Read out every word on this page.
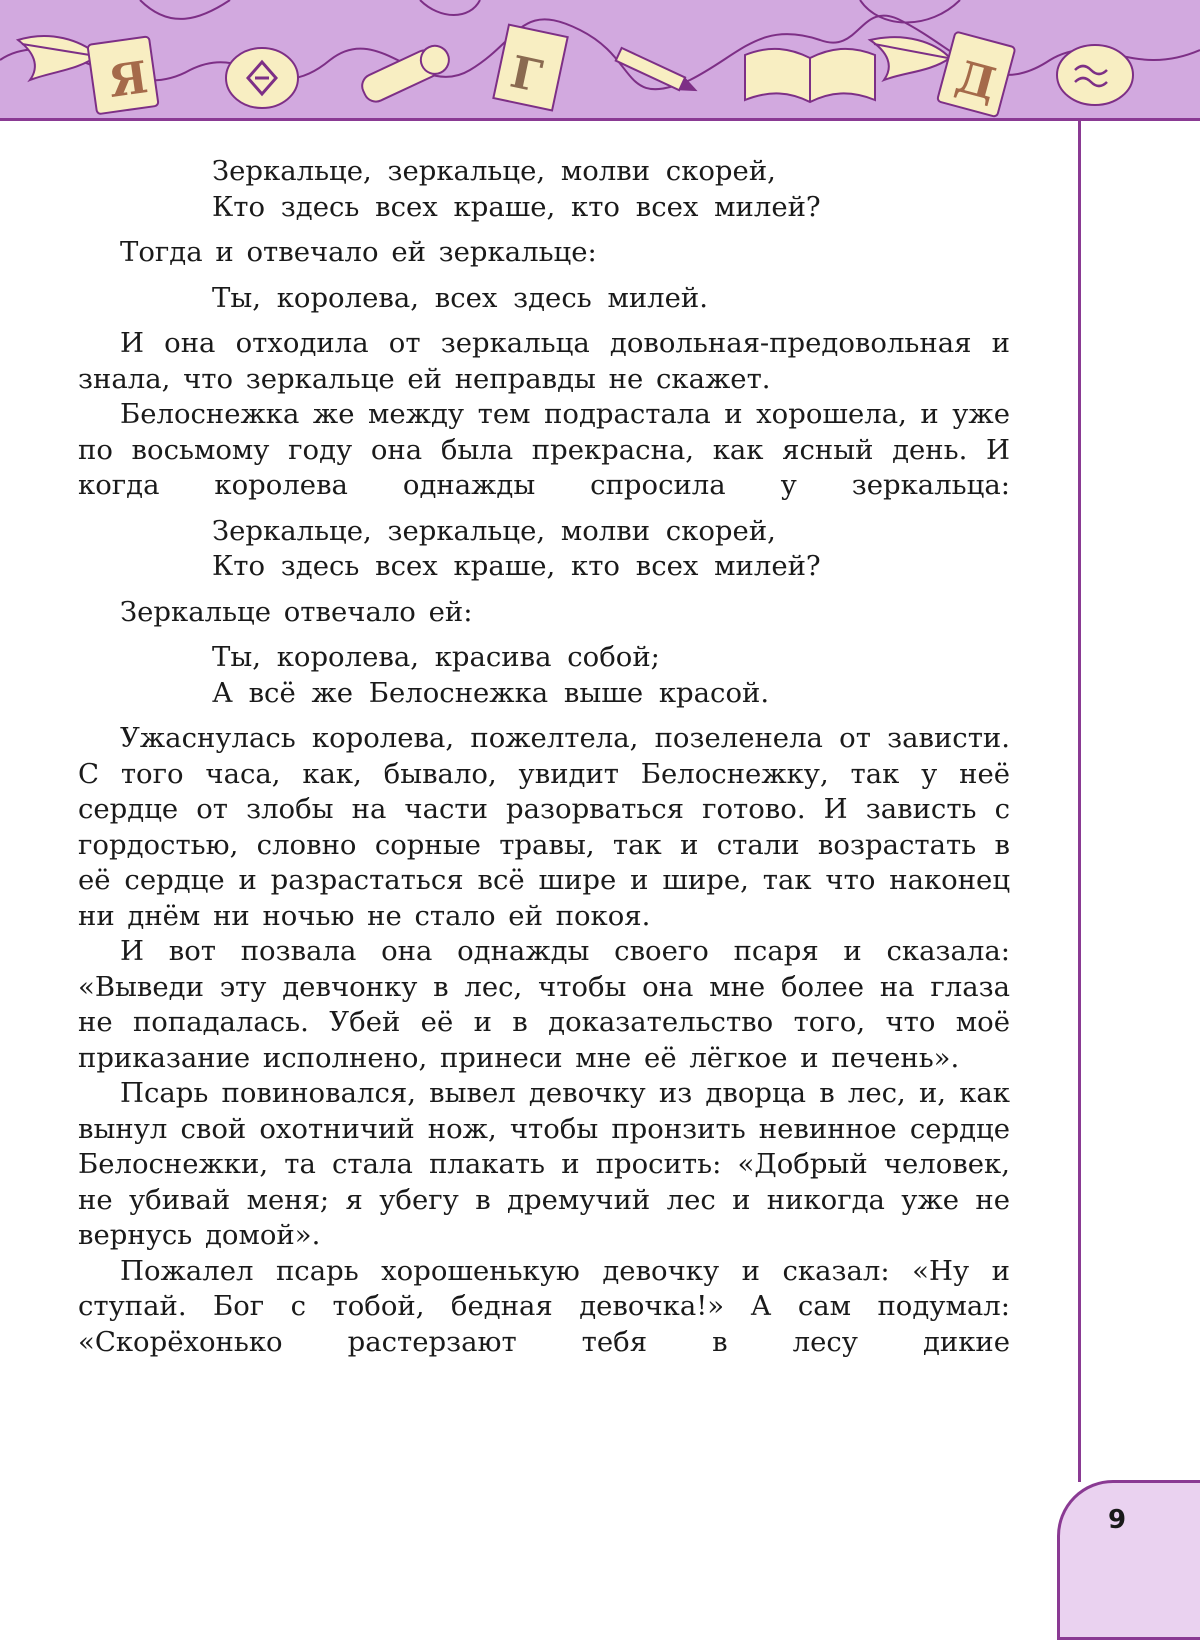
Я	Г	Д
9
Зеркальце, зеркальце, молви скорей,
Кто здесь всех краше, кто всех милей?

Тогда и отвечало ей зеркальце:

Ты, королева, всех здесь милей.

И она отходила от зеркальца довольная-предовольная и знала, что зеркальце ей неправды не скажет.

Белоснежка же между тем подрастала и хорошела, и уже по восьмому году она была прекрасна, как ясный день. И когда королева однажды спросила у зеркальца:

Зеркальце, зеркальце, молви скорей,
Кто здесь всех краше, кто всех милей?

Зеркальце отвечало ей:

Ты, королева, красива собой;
А всё же Белоснежка выше красой.

Ужаснулась королева, пожелтела, позеленела от зависти. С того часа, как, бывало, увидит Белоснежку, так у неё сердце от злобы на части разорваться готово. И зависть с гордостью, словно сорные травы, так и стали возрастать в её сердце и разрастаться всё шире и шире, так что наконец ни днём ни ночью не стало ей покоя.

И вот позвала она однажды своего псаря и сказала: «Выведи эту девчонку в лес, чтобы она мне более на глаза не попадалась. Убей её и в доказательство того, что моё приказание исполнено, принеси мне её лёгкое и печень».

Псарь повиновался, вывел девочку из дворца в лес, и, как вынул свой охотничий нож, чтобы пронзить невинное сердце Белоснежки, та стала плакать и просить: «Добрый человек, не убивай меня; я убегу в дремучий лес и никогда уже не вернусь домой».

Пожалел псарь хорошенькую девочку и сказал: «Ну и ступай. Бог с тобой, бедная девочка!» А сам подумал: «Скорёхонько растерзают тебя в лесу дикие
